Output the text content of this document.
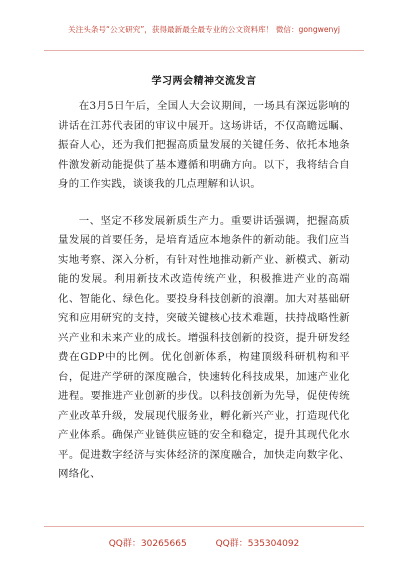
关注头条号“公文研究”，获得最新最全最专业的公文资料库！ 微信：gongwenyj
学习两会精神交流发言

在3月5日午后，全国人大会议期间，一场具有深远影响的讲话在江苏代表团的审议中展开。这场讲话，不仅高瞻远瞩、振奋人心，还为我们把握高质量发展的关键任务、依托本地条件激发新动能提供了基本遵循和明确方向。以下，我将结合自身的工作实践，谈谈我的几点理解和认识。

一、坚定不移发展新质生产力。重要讲话强调，把握高质量发展的首要任务，是培育适应本地条件的新动能。我们应当实地考察、深入分析，有针对性地推动新产业、新模式、新动能的发展。利用新技术改造传统产业，积极推进产业的高端化、智能化、绿色化。要投身科技创新的浪潮。加大对基础研究和应用研究的支持，突破关键核心技术难题，扶持战略性新兴产业和未来产业的成长。增强科技创新的投资，提升研发经费在GDP中的比例。优化创新体系，构建顶级科研机构和平台，促进产学研的深度融合，快速转化科技成果，加速产业化进程。要推进产业创新的步伐。以科技创新为先导，促使传统产业改革升级，发展现代服务业，孵化新兴产业，打造现代化产业体系。确保产业链供应链的安全和稳定，提升其现代化水平。促进数字经济与实体经济的深度融合，加快走向数字化、网络化、

QQ群：30265665	QQ群：535304092
